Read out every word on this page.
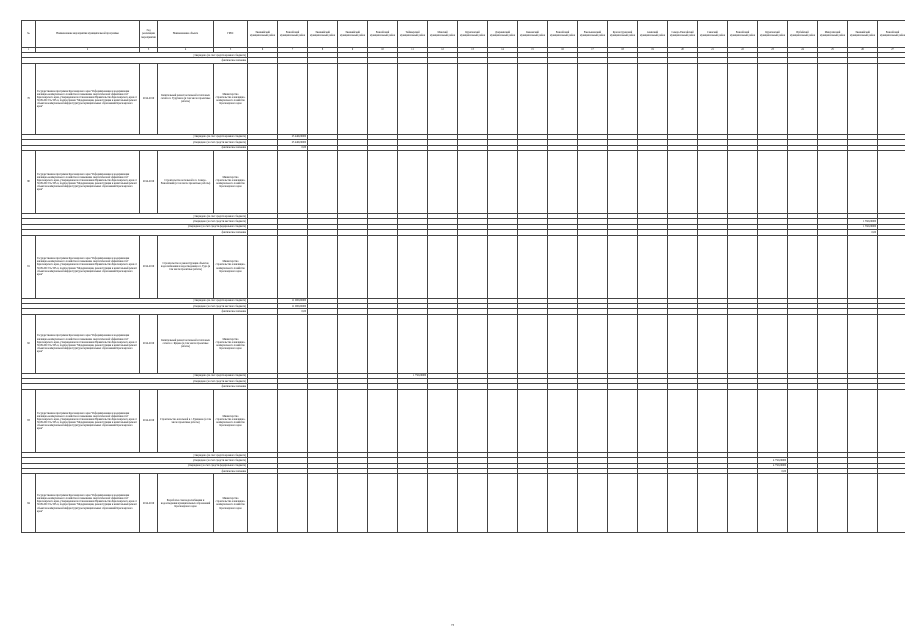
№	Наименование мероприятия муниципальной программы	Год реализации мероприятия	Наименование объекта	ГРБС	Эвенкийский муниципальный район	Енисейский муниципальный район	Эвенкийский муниципальный район	Эвенкийский муниципальный район	Енисейский муниципальный район	Таймырский муниципальный район	Манский муниципальный район	Курагинский муниципальный район	Дзержинский муниципальный район	Кежемский муниципальный район	Енисейский муниципальный район	Емельяновский муниципальный район	Краснотуранский муниципальный район	Ачинский муниципальный район	Северо-Енисейский муниципальный район	Саянский муниципальный район	Енисейский муниципальный район	Курагинский муниципальный район	Ирбейский муниципальный район	Минусинский муниципальный район	Эвенкийский муниципальный район	Енисейский муниципальный район
1	2	3	4	5	6	7	8	9	10	11	12	13	14	15	16	17	18	19	20	21	22	23	24	25	26	27
утверждено (за счет средств краевого бюджета)																										
фактическое значение																										
76	Государственная программа Красноярского края "Реформирование и модернизация жилищно-коммунального хозяйства и повышение энергетической эффективности" Красноярского края, утвержденная постановлением Правительства Красноярского края от 30.09.2013 № 503-п, подпрограмма "Модернизация, реконструкция и капитальный ремонт объектов коммунальной инфраструктуры муниципальных образований Красноярского края"	2014-2019	Капитальный ремонт котельной и тепловых сетей в п. Туруханск (в том числе проектные работы)	Министерство строительства и жилищно-коммунального хозяйства Красноярского края																						
утверждено (за счет средств краевого бюджета)						25 446,00000																				
утверждено (за счет средств местного бюджета)						25 446,00000																				
фактическое значение						0,00																				
80	Государственная программа Красноярского края "Реформирование и модернизация жилищно-коммунального хозяйства и повышение энергетической эффективности" Красноярского края, утвержденная постановлением Правительства Красноярского края от 30.09.2013 № 503-п, подпрограмма "Модернизация, реконструкция и капитальный ремонт объектов коммунальной инфраструктуры муниципальных образований Красноярского края"	2014-2019	Строительство котельной в п. Северо-Енисейский (в том числе проектные работы)	Министерство строительства и жилищно-коммунального хозяйства Красноярского края																						
утверждено (за счет средств краевого бюджета)																										
утверждено (за счет средств местного бюджета)																									1 350,00000	
утверждено (за счет средств федерального бюджета)																									1 350,00000	
фактическое значение																									0,00	
81	Государственная программа Красноярского края "Реформирование и модернизация жилищно-коммунального хозяйства и повышение энергетической эффективности" Красноярского края, утвержденная постановлением Правительства Красноярского края от 30.09.2013 № 503-п, подпрограмма "Модернизация, реконструкция и капитальный ремонт объектов коммунальной инфраструктуры муниципальных образований Красноярского края"	2014-2019	Строительство и реконструкция объектов водоснабжения и водоотведения в п. Тура (в том числе проектные работы)	Министерство строительства и жилищно-коммунального хозяйства Красноярского края																						
утверждено (за счет средств краевого бюджета)						11 000,00000																				
утверждено (за счет средств местного бюджета)						11 000,00000																				
фактическое значение						0,00																				
82	Государственная программа Красноярского края "Реформирование и модернизация жилищно-коммунального хозяйства и повышение энергетической эффективности" Красноярского края, утвержденная постановлением Правительства Красноярского края от 30.09.2013 № 503-п, подпрограмма "Модернизация, реконструкция и капитальный ремонт объектов коммунальной инфраструктуры муниципальных образований Красноярского края"	2014-2019	Капитальный ремонт котельной и тепловых сетей в с. Ярцево (в том числе проектные работы)	Министерство строительства и жилищно-коммунального хозяйства Красноярского края																						
утверждено (за счет средств краевого бюджета)										1 750,00000																
утверждено (за счет средств местного бюджета)																										
фактическое значение																										
83	Государственная программа Красноярского края "Реформирование и модернизация жилищно-коммунального хозяйства и повышение энергетической эффективности" Красноярского края, утвержденная постановлением Правительства Красноярского края от 30.09.2013 № 503-п, подпрограмма "Модернизация, реконструкция и капитальный ремонт объектов коммунальной инфраструктуры муниципальных образований Красноярского края"	2014-2019	Строительство котельной в с. Ермаково (в том числе проектные работы)	Министерство строительства и жилищно-коммунального хозяйства Красноярского края																						
утверждено (за счет средств краевого бюджета)																										
утверждено (за счет средств местного бюджета)																						4 750,00000				
утверждено (за счет средств федерального бюджета)																						4 750,00000				
фактическое значение																						0,00				
84	Государственная программа Красноярского края "Реформирование и модернизация жилищно-коммунального хозяйства и повышение энергетической эффективности" Красноярского края, утвержденная постановлением Правительства Красноярского края от 30.09.2013 № 503-п, подпрограмма "Модернизация, реконструкция и капитальный ремонт объектов коммунальной инфраструктуры муниципальных образований Красноярского края"	2014-2019	Разработка схем водоснабжения и водоотведения муниципальных образований Красноярского края	Министерство строительства и жилищно-коммунального хозяйства Красноярского края																						
73
